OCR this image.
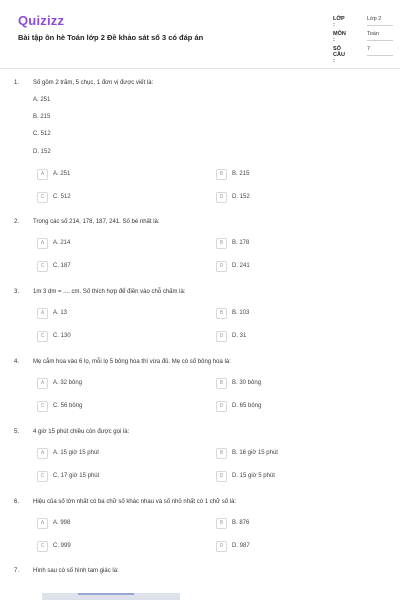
Quizizz
Bài tập ôn hè Toán lớp 2 Đề khảo sát số 3 có đáp án
LỚP :
Lớp 2
MÔN :
Toán
SỐ CÂU :
7
1. Số gồm 2 trăm, 5 chục, 1 đơn vị được viết là:
A. 251
B. 215
C. 512
D. 152
A	A. 251	B	B. 215
C	C. 512	D	D. 152
2. Trong các số 214, 178, 187, 241. Số bé nhất là:
A	A. 214	B	B. 178
C	C. 187	D	D. 241
3. 1m 3 dm = .... cm. Số thích hợp để điền vào chỗ chấm là:
A	A. 13	B	B. 103
C	C. 130	D	D. 31
4. Mẹ cắm hoa vào 6 lọ, mỗi lọ 5 bông hoa thì vừa đủ. Mẹ có số bông hoa là:
A	A. 32 bông	B	B. 30 bông
C	C. 56 bông	D	D. 65 bông
5. 4 giờ 15 phút chiều còn được gọi là:
A	A. 15 giờ 15 phút	B	B. 16 giờ 15 phút
C	C. 17 giờ 15 phút	D	D. 15 giờ 5 phút
6. Hiệu của số lớn nhất có ba chữ số khác nhau và số nhỏ nhất có 1 chữ số là:
A	A. 998	B	B. 876
C	C. 999	D	D. 987
7. Hình sau có số hình tam giác là:
